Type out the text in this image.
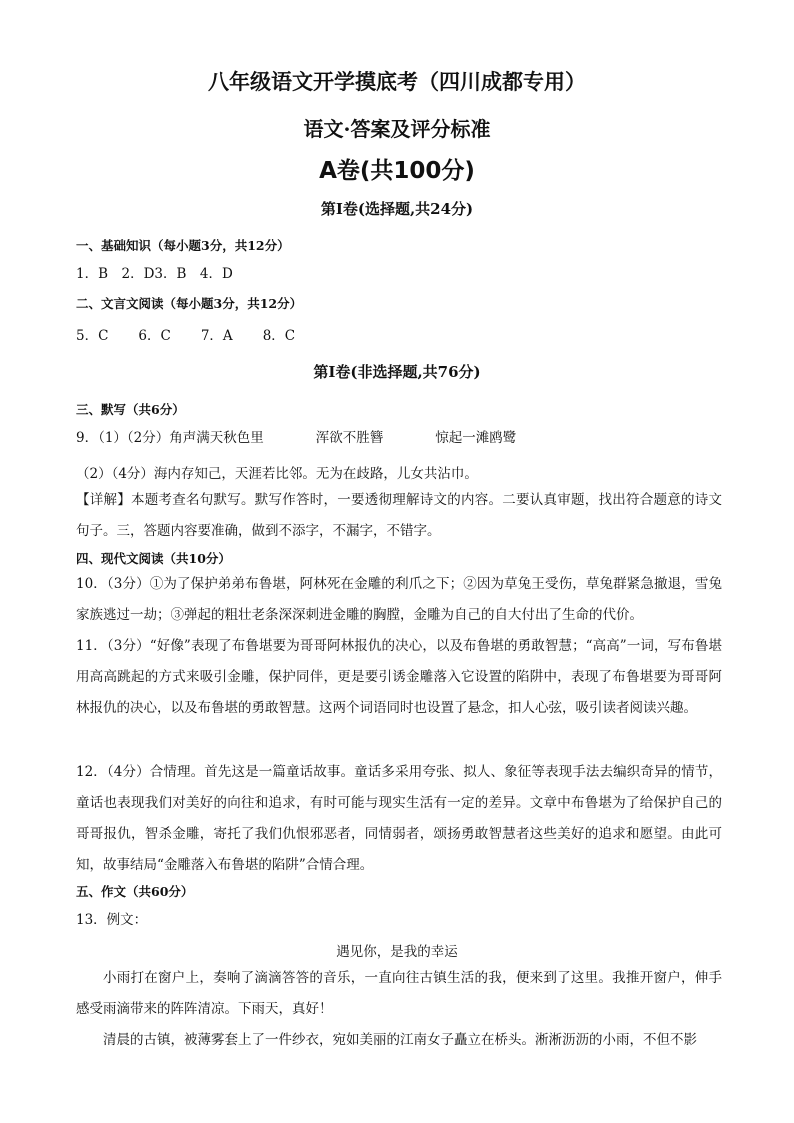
八年级语文开学摸底考（四川成都专用）
语文·答案及评分标准
A卷(共100分)
第I卷(选择题,共24分)
一、基础知识（每小题3分，共12分）
1．B　2．D3．B　4．D
二、文言文阅读（每小题3分，共12分）
5．C 6．C 7．A 8．C
第I卷(非选择题,共76分)
三、默写（共6分）
9．（1）（2分）角声满天秋色里	浑欲不胜簪	惊起一滩鸥鹭
（2）（4分）海内存知己，天涯若比邻。无为在歧路，儿女共沾巾。
【详解】本题考查名句默写。默写作答时，一要透彻理解诗文的内容。二要认真审题，找出符合题意的诗文句子。三，答题内容要准确，做到不添字，不漏字，不错字。
四、现代文阅读（共10分）
10．（3分）①为了保护弟弟布鲁堪，阿林死在金雕的利爪之下；②因为草兔王受伤，草兔群紧急撤退，雪兔家族逃过一劫；③弹起的粗壮老条深深刺进金雕的胸膛，金雕为自己的自大付出了生命的代价。
11．（3分）“好像”表现了布鲁堪要为哥哥阿林报仇的决心，以及布鲁堪的勇敢智慧；“高高”一词，写布鲁堪用高高跳起的方式来吸引金雕，保护同伴，更是要引诱金雕落入它设置的陷阱中，表现了布鲁堪要为哥哥阿林报仇的决心，以及布鲁堪的勇敢智慧。这两个词语同时也设置了悬念，扣人心弦，吸引读者阅读兴趣。
12．（4分）合情理。首先这是一篇童话故事。童话多采用夸张、拟人、象征等表现手法去编织奇异的情节，童话也表现我们对美好的向往和追求，有时可能与现实生活有一定的差异。文章中布鲁堪为了给保护自己的哥哥报仇，智杀金雕，寄托了我们仇恨邪恶者，同情弱者，颂扬勇敢智慧者这些美好的追求和愿望。由此可知，故事结局“金雕落入布鲁堪的陷阱”合情合理。
五、作文（共60分）
13．例文：
遇见你，是我的幸运
小雨打在窗户上，奏响了滴滴答答的音乐，一直向往古镇生活的我，便来到了这里。我推开窗户，伸手感受雨滴带来的阵阵清凉。下雨天，真好！
清晨的古镇，被薄雾套上了一件纱衣，宛如美丽的江南女子矗立在桥头。淅淅沥沥的小雨，不但不影
